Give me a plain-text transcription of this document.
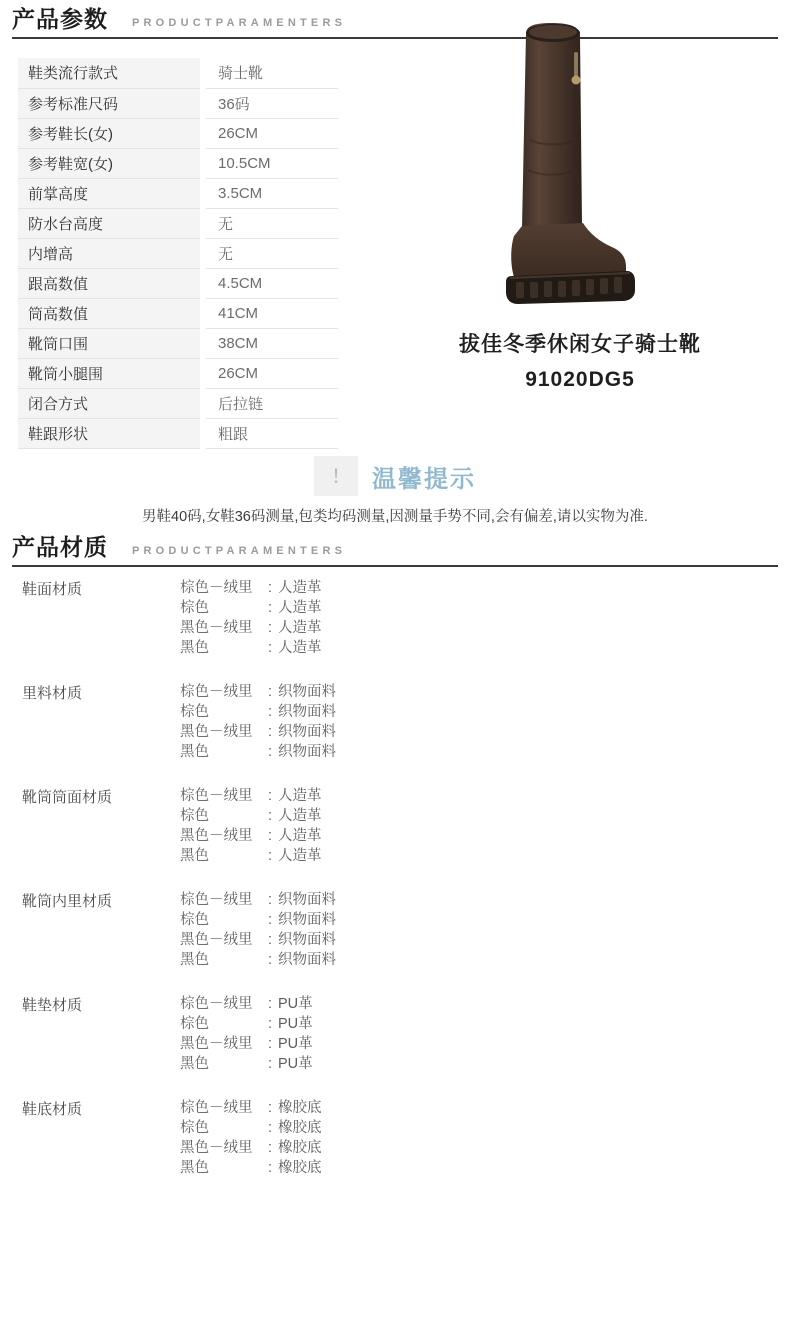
产品参数 PRODUCTPARAMENTERS
鞋类流行款式	骑士靴
参考标准尺码	36码
参考鞋长(女)	26CM
参考鞋宽(女)	10.5CM
前掌高度	3.5CM
防水台高度	无
内增高	无
跟高数值	4.5CM
筒高数值	41CM
靴筒口围	38CM
靴筒小腿围	26CM
闭合方式	后拉链
鞋跟形状	粗跟
拔佳冬季休闲女子骑士靴
91020DG5
!	温馨提示
男鞋40码,女鞋36码测量,包类均码测量,因测量手势不同,会有偏差,请以实物为准.
产品材质 PRODUCTPARAMENTERS
鞋面材质	棕色－绒里	: 人造革
棕色	: 人造革
黑色－绒里	: 人造革
黑色	: 人造革
里料材质	棕色－绒里	: 织物面料
棕色	: 织物面料
黑色－绒里	: 织物面料
黑色	: 织物面料
靴筒筒面材质	棕色－绒里	: 人造革
棕色	: 人造革
黑色－绒里	: 人造革
黑色	: 人造革
靴筒内里材质	棕色－绒里	: 织物面料
棕色	: 织物面料
黑色－绒里	: 织物面料
黑色	: 织物面料
鞋垫材质	棕色－绒里	: PU革
棕色	: PU革
黑色－绒里	: PU革
黑色	: PU革
鞋底材质	棕色－绒里	: 橡胶底
棕色	: 橡胶底
黑色－绒里	: 橡胶底
黑色	: 橡胶底
